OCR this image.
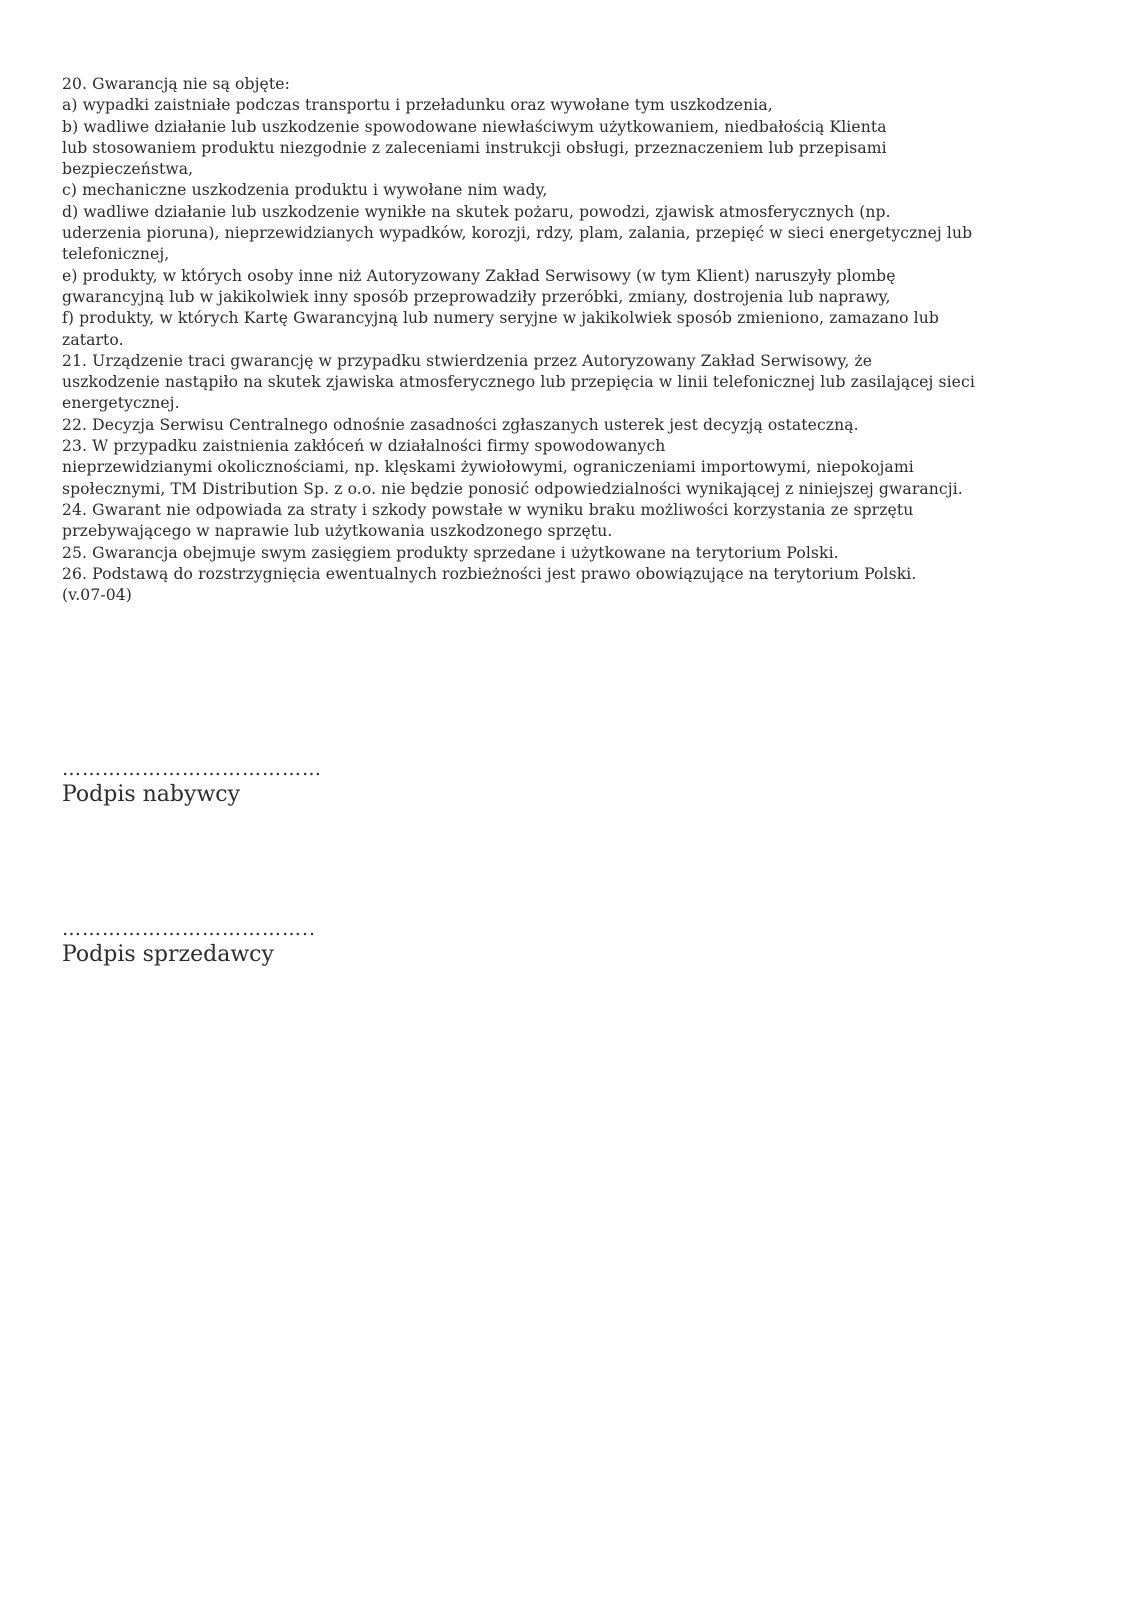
20. Gwarancją nie są objęte:
a) wypadki zaistniałe podczas transportu i przeładunku oraz wywołane tym uszkodzenia,
b) wadliwe działanie lub uszkodzenie spowodowane niewłaściwym użytkowaniem, niedbałością Klienta
lub stosowaniem produktu niezgodnie z zaleceniami instrukcji obsługi, przeznaczeniem lub przepisami
bezpieczeństwa,
c) mechaniczne uszkodzenia produktu i wywołane nim wady,
d) wadliwe działanie lub uszkodzenie wynikłe na skutek pożaru, powodzi, zjawisk atmosferycznych (np.
uderzenia pioruna), nieprzewidzianych wypadków, korozji, rdzy, plam, zalania, przepięć w sieci energetycznej lub
telefonicznej,
e) produkty, w których osoby inne niż Autoryzowany Zakład Serwisowy (w tym Klient) naruszyły plombę
gwarancyjną lub w jakikolwiek inny sposób przeprowadziły przeróbki, zmiany, dostrojenia lub naprawy,
f) produkty, w których Kartę Gwarancyjną lub numery seryjne w jakikolwiek sposób zmieniono, zamazano lub
zatarto.
21. Urządzenie traci gwarancję w przypadku stwierdzenia przez Autoryzowany Zakład Serwisowy, że
uszkodzenie nastąpiło na skutek zjawiska atmosferycznego lub przepięcia w linii telefonicznej lub zasilającej sieci
energetycznej.
22. Decyzja Serwisu Centralnego odnośnie zasadności zgłaszanych usterek jest decyzją ostateczną.
23. W przypadku zaistnienia zakłóceń w działalności firmy spowodowanych
nieprzewidzianymi okolicznościami, np. klęskami żywiołowymi, ograniczeniami importowymi, niepokojami
społecznymi, TM Distribution Sp. z o.o. nie będzie ponosić odpowiedzialności wynikającej z niniejszej gwarancji.
24. Gwarant nie odpowiada za straty i szkody powstałe w wyniku braku możliwości korzystania ze sprzętu
przebywającego w naprawie lub użytkowania uszkodzonego sprzętu.
25. Gwarancja obejmuje swym zasięgiem produkty sprzedane i użytkowane na terytorium Polski.
26. Podstawą do rozstrzygnięcia ewentualnych rozbieżności jest prawo obowiązujące na terytorium Polski.
(v.07-04)
…………………………………
Podpis nabywcy
………………………………..
Podpis sprzedawcy
